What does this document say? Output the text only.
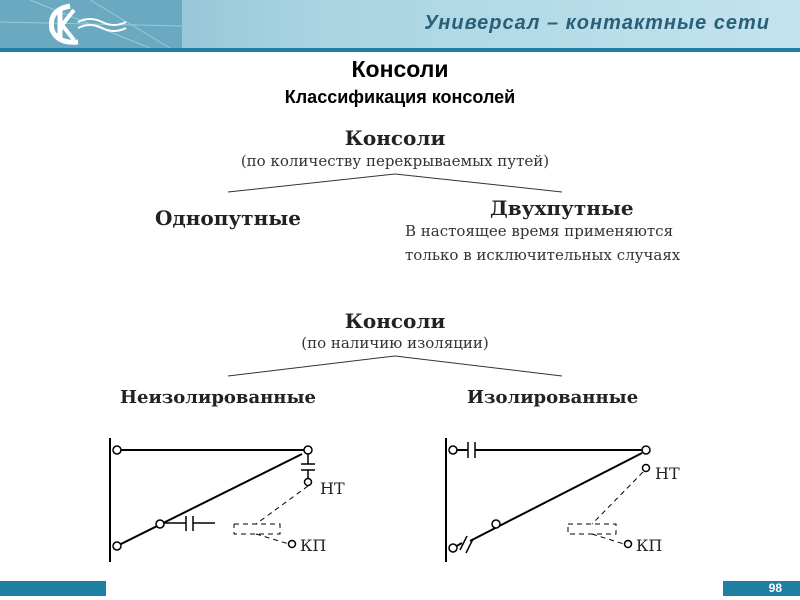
Универсал – контактные сети
Консоли
Классификация консолей
Консоли
(по количеству перекрываемых путей)
Однопутные	Двухпутные
В настоящее время применяются
только в исключительных случаях
Консоли
(по наличию изоляции)
Неизолированные	Изолированные
НТ
КП
НТ
КП
98
